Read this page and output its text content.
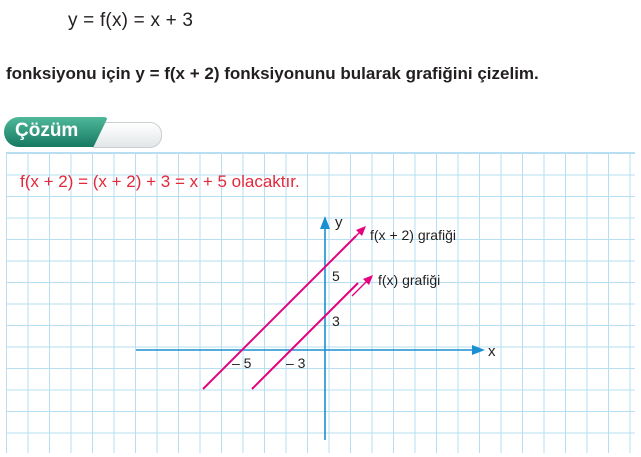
y = f(x) = x + 3
fonksiyonu için y = f(x + 2) fonksiyonunu bularak grafiğini çizelim.
Çözüm
f(x + 2) = (x + 2) + 3 = x + 5 olacaktır.
x
y
– 5 – 3
3
5
f(x + 2) grafiği
f(x) grafiği
